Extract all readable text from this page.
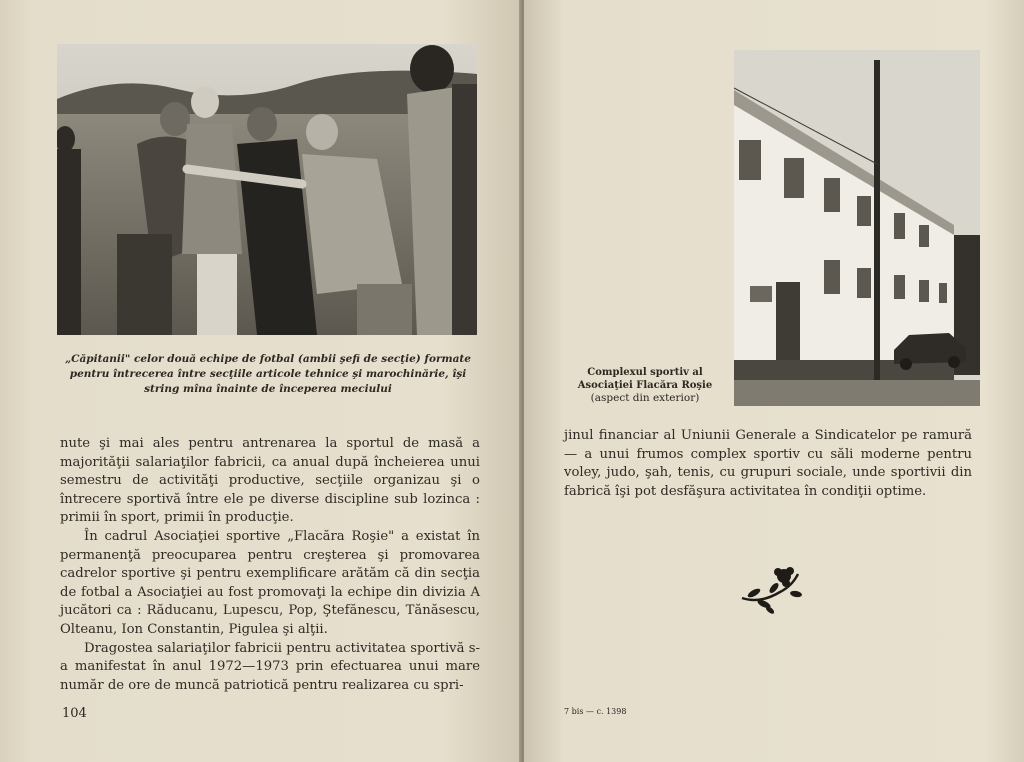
„Căpitanii" celor două echipe de fotbal (ambii şefi de secţie) formate pentru întrecerea între secţiile articole tehnice şi marochinărie, îşi string mîna înainte de începerea meciului

nute şi mai ales pentru antrenarea la sportul de masă a majorităţii salariaţilor fabricii, ca anual după încheierea unui semestru de activităţi productive, secţiile organizau şi o întrecere sportivă între ele pe diverse discipline sub lozinca : primii în sport, primii în producţie.

În cadrul Asociaţiei sportive „Flacăra Roşie" a existat în permanenţă preocuparea pentru creşterea şi promovarea cadrelor sportive şi pentru exemplificare arătăm că din secţia de fotbal a Asociaţiei au fost promovaţi la echipe din divizia A jucători ca : Răducanu, Lupescu, Pop, Ştefănescu, Tănăsescu, Olteanu, Ion Constantin, Pigulea şi alţii.

Dragostea salariaţilor fabricii pentru activitatea sportivă s-a manifestat în anul 1972—1973 prin efectuarea unui mare număr de ore de muncă patriotică pentru realizarea cu spri-

104
Complexul sportiv al
Asociaţiei Flacăra Roşie
(aspect din exterior)

jinul financiar al Uniunii Generale a Sindicatelor pe ramură — a unui frumos complex sportiv cu săli moderne pentru voley, judo, şah, tenis, cu grupuri sociale, unde sportivii din fabrică îşi pot desfăşura activitatea în condiţii optime.

7 bis — c. 1398
